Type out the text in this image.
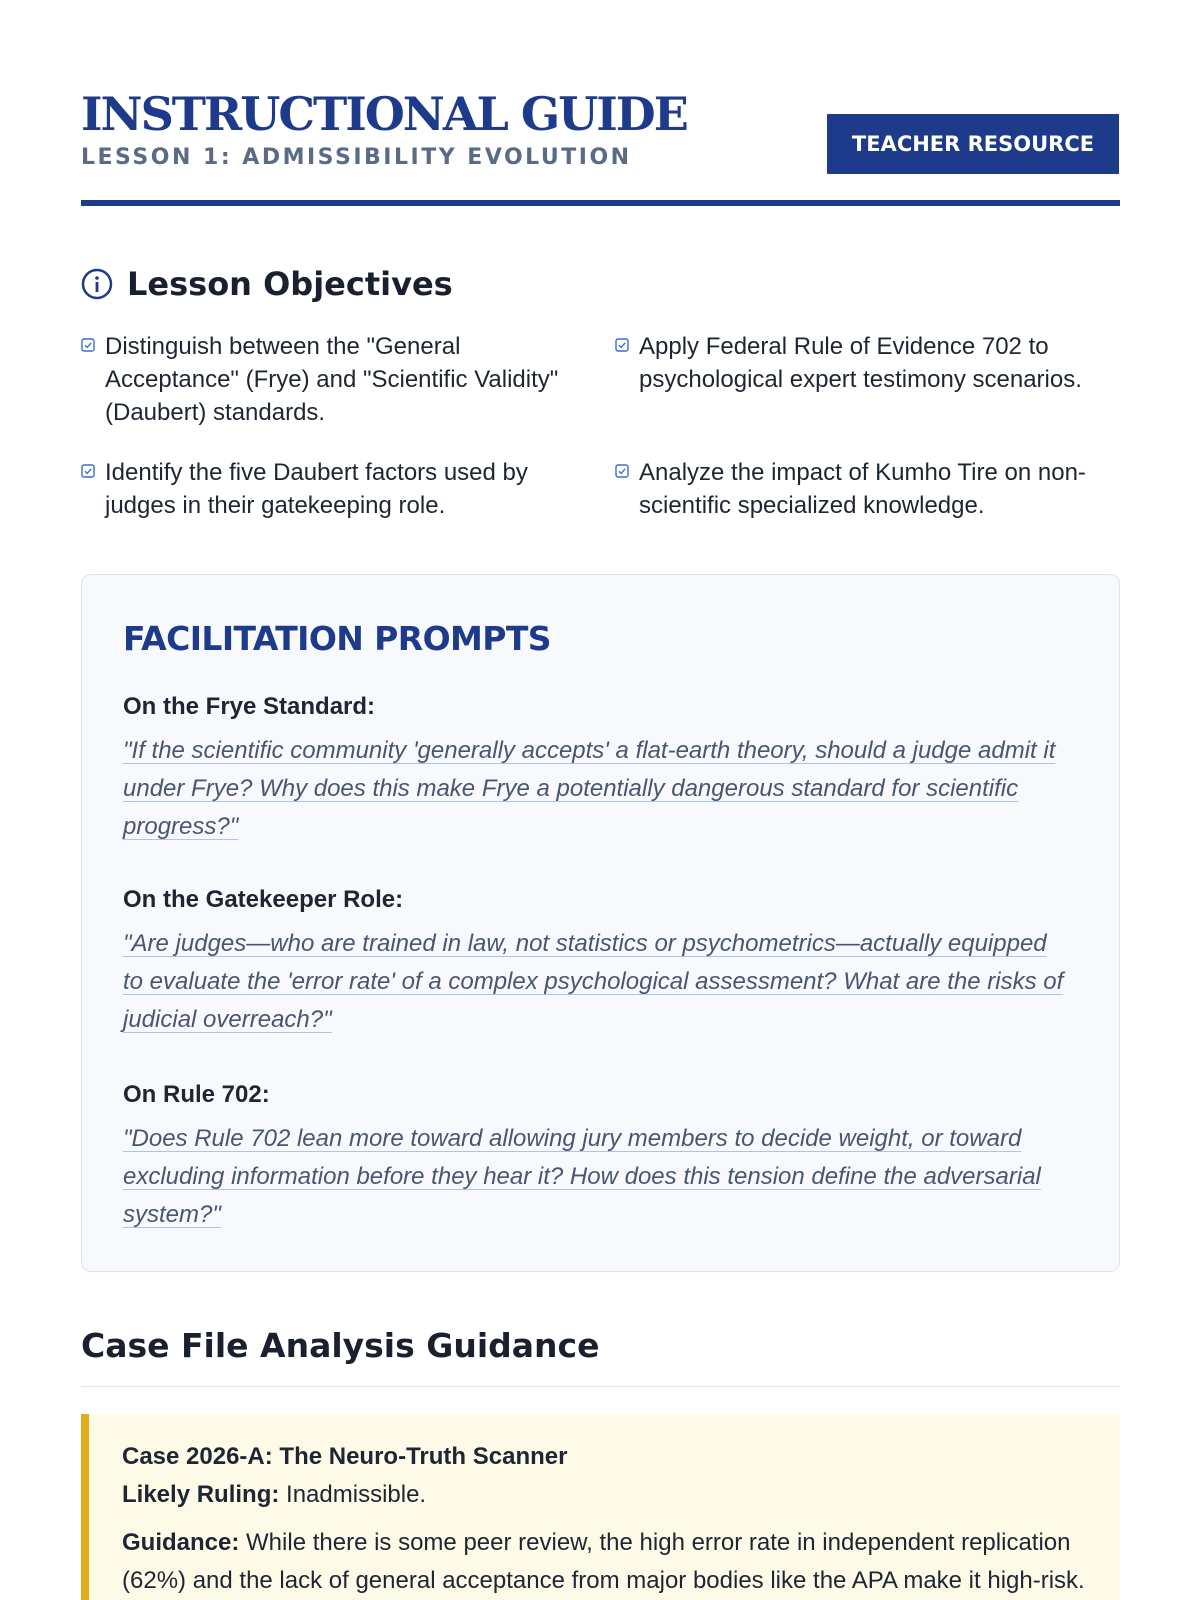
INSTRUCTIONAL GUIDE
LESSON 1: ADMISSIBILITY EVOLUTION
TEACHER RESOURCE
Lesson Objectives
Distinguish between the "General Acceptance" (Frye) and "Scientific Validity" (Daubert) standards.
Apply Federal Rule of Evidence 702 to psychological expert testimony scenarios.
Identify the five Daubert factors used by judges in their gatekeeping role.
Analyze the impact of Kumho Tire on non-scientific specialized knowledge.
FACILITATION PROMPTS
On the Frye Standard:
"If the scientific community 'generally accepts' a flat-earth theory, should a judge admit it under Frye? Why does this make Frye a potentially dangerous standard for scientific progress?"
On the Gatekeeper Role:
"Are judges—who are trained in law, not statistics or psychometrics—actually equipped to evaluate the 'error rate' of a complex psychological assessment? What are the risks of judicial overreach?"
On Rule 702:
"Does Rule 702 lean more toward allowing jury members to decide weight, or toward excluding information before they hear it? How does this tension define the adversarial system?"
Case File Analysis Guidance
Case 2026-A: The Neuro-Truth Scanner
Likely Ruling: Inadmissible.
Guidance: While there is some peer review, the high error rate in independent replication (62%) and the lack of general acceptance from major bodies like the APA make it high-risk.
